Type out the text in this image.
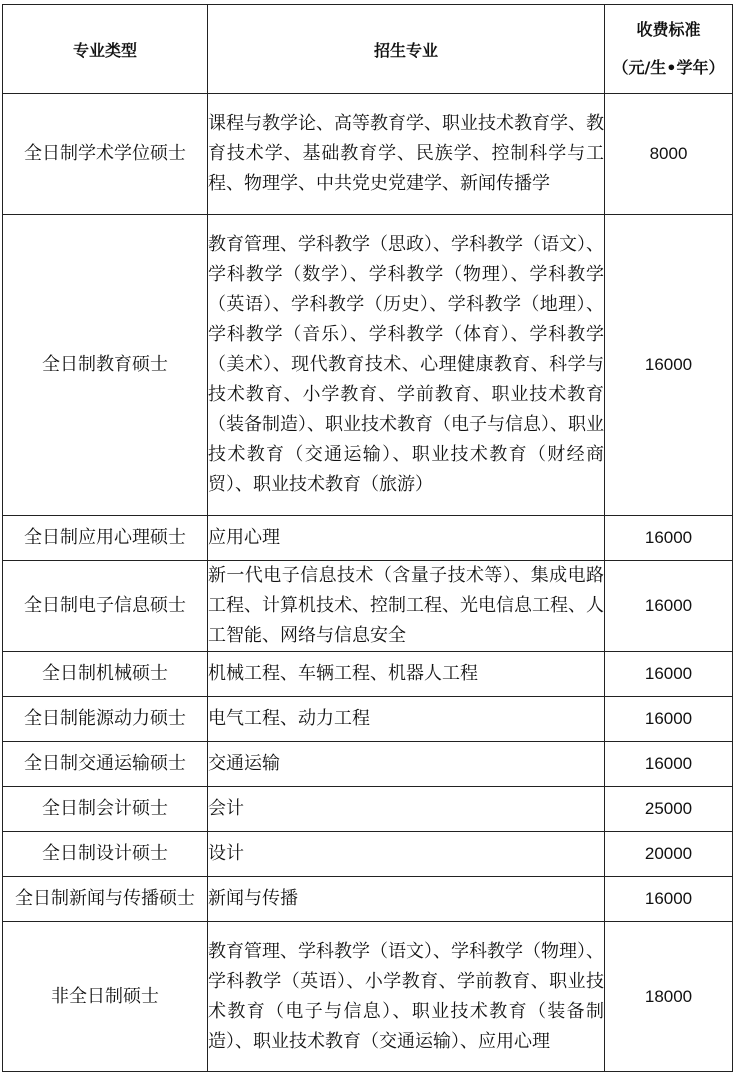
专业类型	招生专业	收费标准
（元/生•学年）

全日制学术学位硕士	课程与教学论、高等教育学、职业技术教育学、教育技术学、基础教育学、民族学、控制科学与工程、物理学、中共党史党建学、新闻传播学	8000
全日制教育硕士	教育管理、学科教学（思政）、学科教学（语文）、学科教学（数学）、学科教学（物理）、学科教学（英语）、学科教学（历史）、学科教学（地理）、学科教学（音乐）、学科教学（体育）、学科教学（美术）、现代教育技术、心理健康教育、科学与技术教育、小学教育、学前教育、职业技术教育（装备制造）、职业技术教育（电子与信息）、职业技术教育（交通运输）、职业技术教育（财经商贸）、职业技术教育（旅游）	16000
全日制应用心理硕士	应用心理	16000
全日制电子信息硕士	新一代电子信息技术（含量子技术等）、集成电路工程、计算机技术、控制工程、光电信息工程、人工智能、网络与信息安全	16000
全日制机械硕士	机械工程、车辆工程、机器人工程	16000
全日制能源动力硕士	电气工程、动力工程	16000
全日制交通运输硕士	交通运输	16000
全日制会计硕士	会计	25000
全日制设计硕士	设计	20000
全日制新闻与传播硕士	新闻与传播	16000
非全日制硕士	教育管理、学科教学（语文）、学科教学（物理）、学科教学（英语）、小学教育、学前教育、职业技术教育（电子与信息）、职业技术教育（装备制造）、职业技术教育（交通运输）、应用心理	18000
